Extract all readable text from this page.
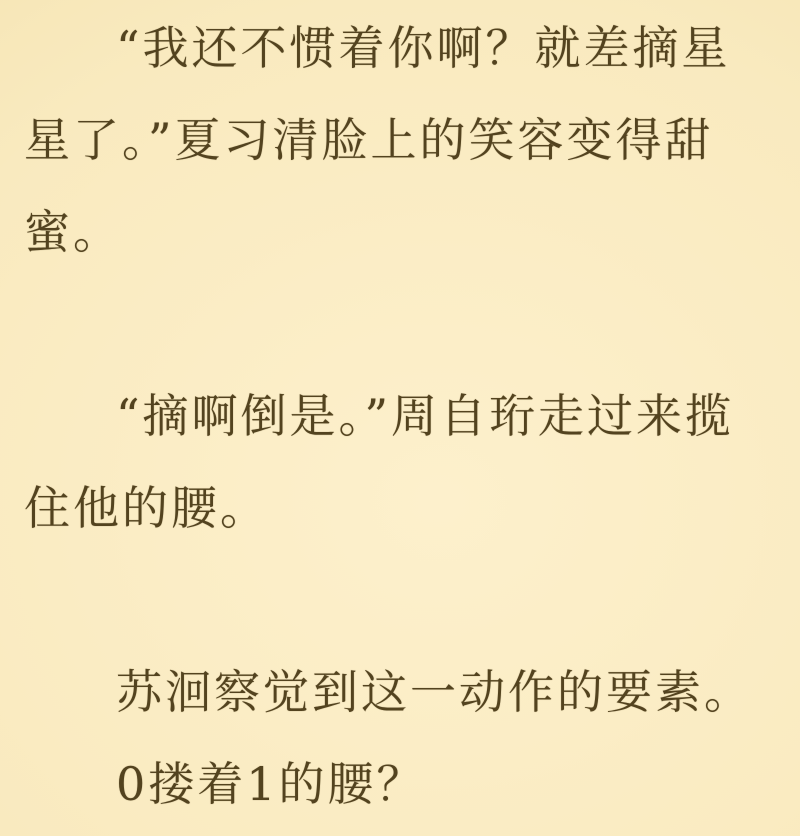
“我还不惯着你啊？就差摘星星了。”夏习清脸上的笑容变得甜蜜。

“摘啊倒是。”周自珩走过来揽住他的腰。

苏洄察觉到这一动作的要素。

0搂着1的腰？
